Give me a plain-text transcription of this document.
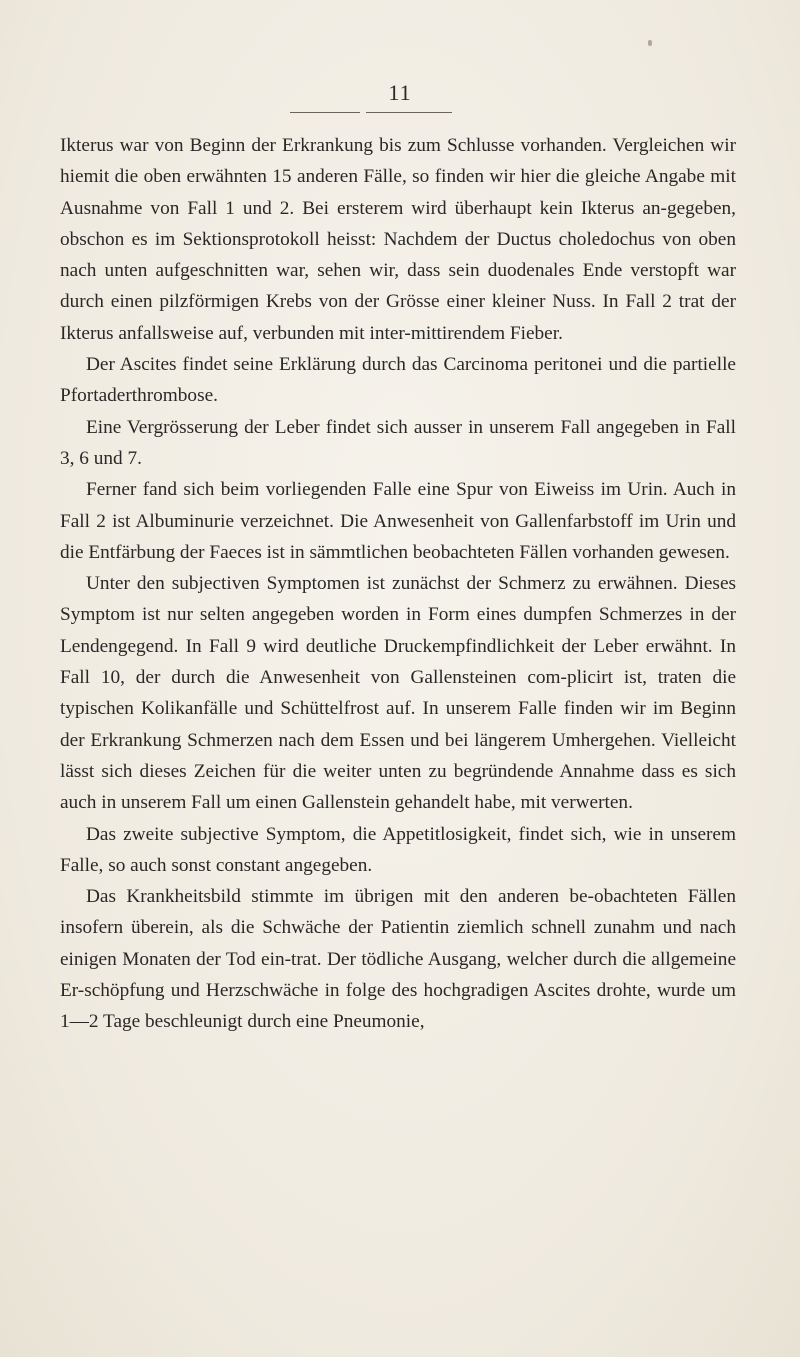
11

Ikterus war von Beginn der Erkrankung bis zum Schlusse vorhanden. Vergleichen wir hiemit die oben erwähnten 15 anderen Fälle, so finden wir hier die gleiche Angabe mit Ausnahme von Fall 1 und 2. Bei ersterem wird überhaupt kein Ikterus an-gegeben, obschon es im Sektionsprotokoll heisst: Nachdem der Ductus choledochus von oben nach unten aufgeschnitten war, sehen wir, dass sein duodenales Ende verstopft war durch einen pilzförmigen Krebs von der Grösse einer kleiner Nuss. In Fall 2 trat der Ikterus anfallsweise auf, verbunden mit inter-mittirendem Fieber.

Der Ascites findet seine Erklärung durch das Carcinoma peritonei und die partielle Pfortaderthrombose.

Eine Vergrösserung der Leber findet sich ausser in unserem Fall angegeben in Fall 3, 6 und 7.

Ferner fand sich beim vorliegenden Falle eine Spur von Eiweiss im Urin. Auch in Fall 2 ist Albuminurie verzeichnet. Die Anwesenheit von Gallenfarbstoff im Urin und die Entfärbung der Faeces ist in sämmtlichen beobachteten Fällen vorhanden gewesen.

Unter den subjectiven Symptomen ist zunächst der Schmerz zu erwähnen. Dieses Symptom ist nur selten angegeben worden in Form eines dumpfen Schmerzes in der Lendengegend. In Fall 9 wird deutliche Druckempfindlichkeit der Leber erwähnt. In Fall 10, der durch die Anwesenheit von Gallensteinen com-plicirt ist, traten die typischen Kolikanfälle und Schüttelfrost auf. In unserem Falle finden wir im Beginn der Erkrankung Schmerzen nach dem Essen und bei längerem Umhergehen. Vielleicht lässt sich dieses Zeichen für die weiter unten zu begründende Annahme dass es sich auch in unserem Fall um einen Gallenstein gehandelt habe, mit verwerten.

Das zweite subjective Symptom, die Appetitlosigkeit, findet sich, wie in unserem Falle, so auch sonst constant angegeben.

Das Krankheitsbild stimmte im übrigen mit den anderen be-obachteten Fällen insofern überein, als die Schwäche der Patientin ziemlich schnell zunahm und nach einigen Monaten der Tod ein-trat. Der tödliche Ausgang, welcher durch die allgemeine Er-schöpfung und Herzschwäche in folge des hochgradigen Ascites drohte, wurde um 1—2 Tage beschleunigt durch eine Pneumonie,
